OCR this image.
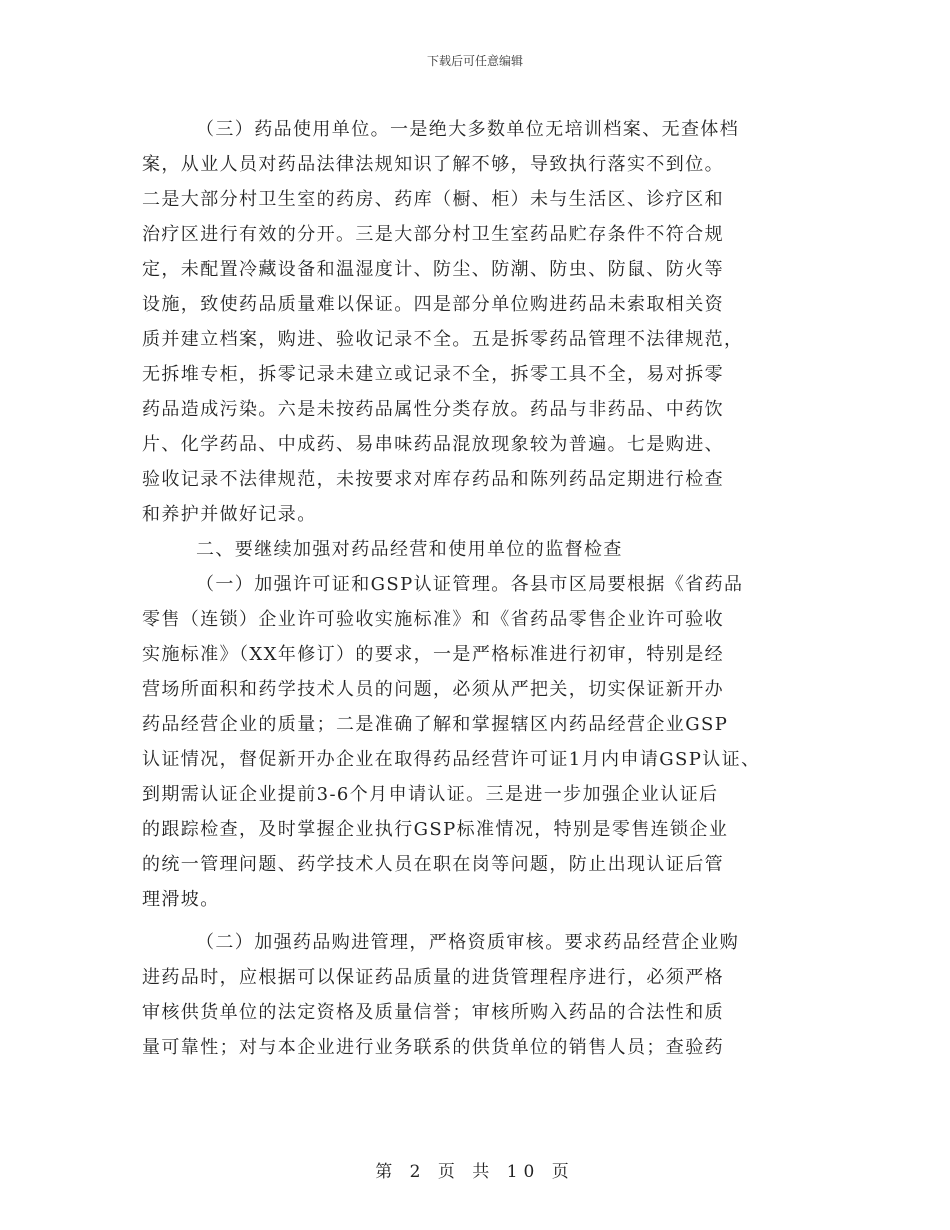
下载后可任意编辑
（三）药品使用单位。一是绝大多数单位无培训档案、无查体档
案，从业人员对药品法律法规知识了解不够，导致执行落实不到位。
二是大部分村卫生室的药房、药库（橱、柜）未与生活区、诊疗区和
治疗区进行有效的分开。三是大部分村卫生室药品贮存条件不符合规
定，未配置冷藏设备和温湿度计、防尘、防潮、防虫、防鼠、防火等
设施，致使药品质量难以保证。四是部分单位购进药品未索取相关资
质并建立档案，购进、验收记录不全。五是拆零药品管理不法律规范，
无拆堆专柜，拆零记录未建立或记录不全，拆零工具不全，易对拆零
药品造成污染。六是未按药品属性分类存放。药品与非药品、中药饮
片、化学药品、中成药、易串味药品混放现象较为普遍。七是购进、
验收记录不法律规范，未按要求对库存药品和陈列药品定期进行检查
和养护并做好记录。
二、要继续加强对药品经营和使用单位的监督检查
（一）加强许可证和GSP认证管理。各县市区局要根据《省药品
零售（连锁）企业许可验收实施标准》和《省药品零售企业许可验收
实施标准》（XX年修订）的要求，一是严格标准进行初审，特别是经
营场所面积和药学技术人员的问题，必须从严把关，切实保证新开办
药品经营企业的质量；二是准确了解和掌握辖区内药品经营企业GSP
认证情况，督促新开办企业在取得药品经营许可证1月内申请GSP认证、
到期需认证企业提前3-6个月申请认证。三是进一步加强企业认证后
的跟踪检查，及时掌握企业执行GSP标准情况，特别是零售连锁企业
的统一管理问题、药学技术人员在职在岗等问题，防止出现认证后管
理滑坡。
（二）加强药品购进管理，严格资质审核。要求药品经营企业购
进药品时，应根据可以保证药品质量的进货管理程序进行，必须严格
审核供货单位的法定资格及质量信誉；审核所购入药品的合法性和质
量可靠性；对与本企业进行业务联系的供货单位的销售人员；查验药
第 2 页 共 10 页
